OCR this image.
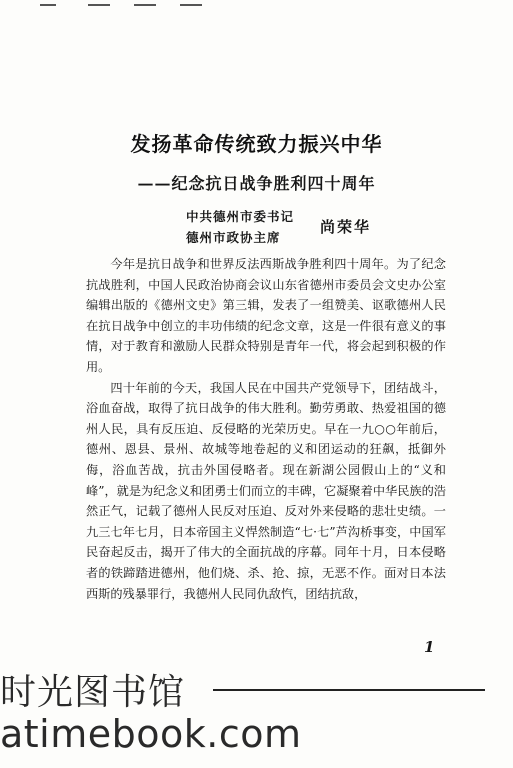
发扬革命传统致力振兴中华
——纪念抗日战争胜利四十周年
中共德州市委书记
德州市政协主席
尚荣华

今年是抗日战争和世界反法西斯战争胜利四十周年。为了纪念抗战胜利，中国人民政治协商会议山东省德州市委员会文史办公室编辑出版的《德州文史》第三辑，发表了一组赞美、讴歌德州人民在抗日战争中创立的丰功伟绩的纪念文章，这是一件很有意义的事情，对于教育和激励人民群众特别是青年一代，将会起到积极的作用。

四十年前的今天，我国人民在中国共产党领导下，团结战斗，浴血奋战，取得了抗日战争的伟大胜利。勤劳勇敢、热爱祖国的德州人民，具有反压迫、反侵略的光荣历史。早在一九○○年前后，德州、恩县、景州、故城等地卷起的义和团运动的狂飙，抵御外侮，浴血苦战，抗击外国侵略者。现在新湖公园假山上的“义和峰”，就是为纪念义和团勇士们而立的丰碑，它凝聚着中华民族的浩然正气，记载了德州人民反对压迫、反对外来侵略的悲壮史绩。一九三七年七月，日本帝国主义悍然制造“七·七”芦沟桥事变，中国军民奋起反击，揭开了伟大的全面抗战的序幕。同年十月，日本侵略者的铁蹄踏进德州，他们烧、杀、抢、掠，无恶不作。面对日本法西斯的残暴罪行，我德州人民同仇敌忾，团结抗敌，

1
时光图书馆
atimebook.com
